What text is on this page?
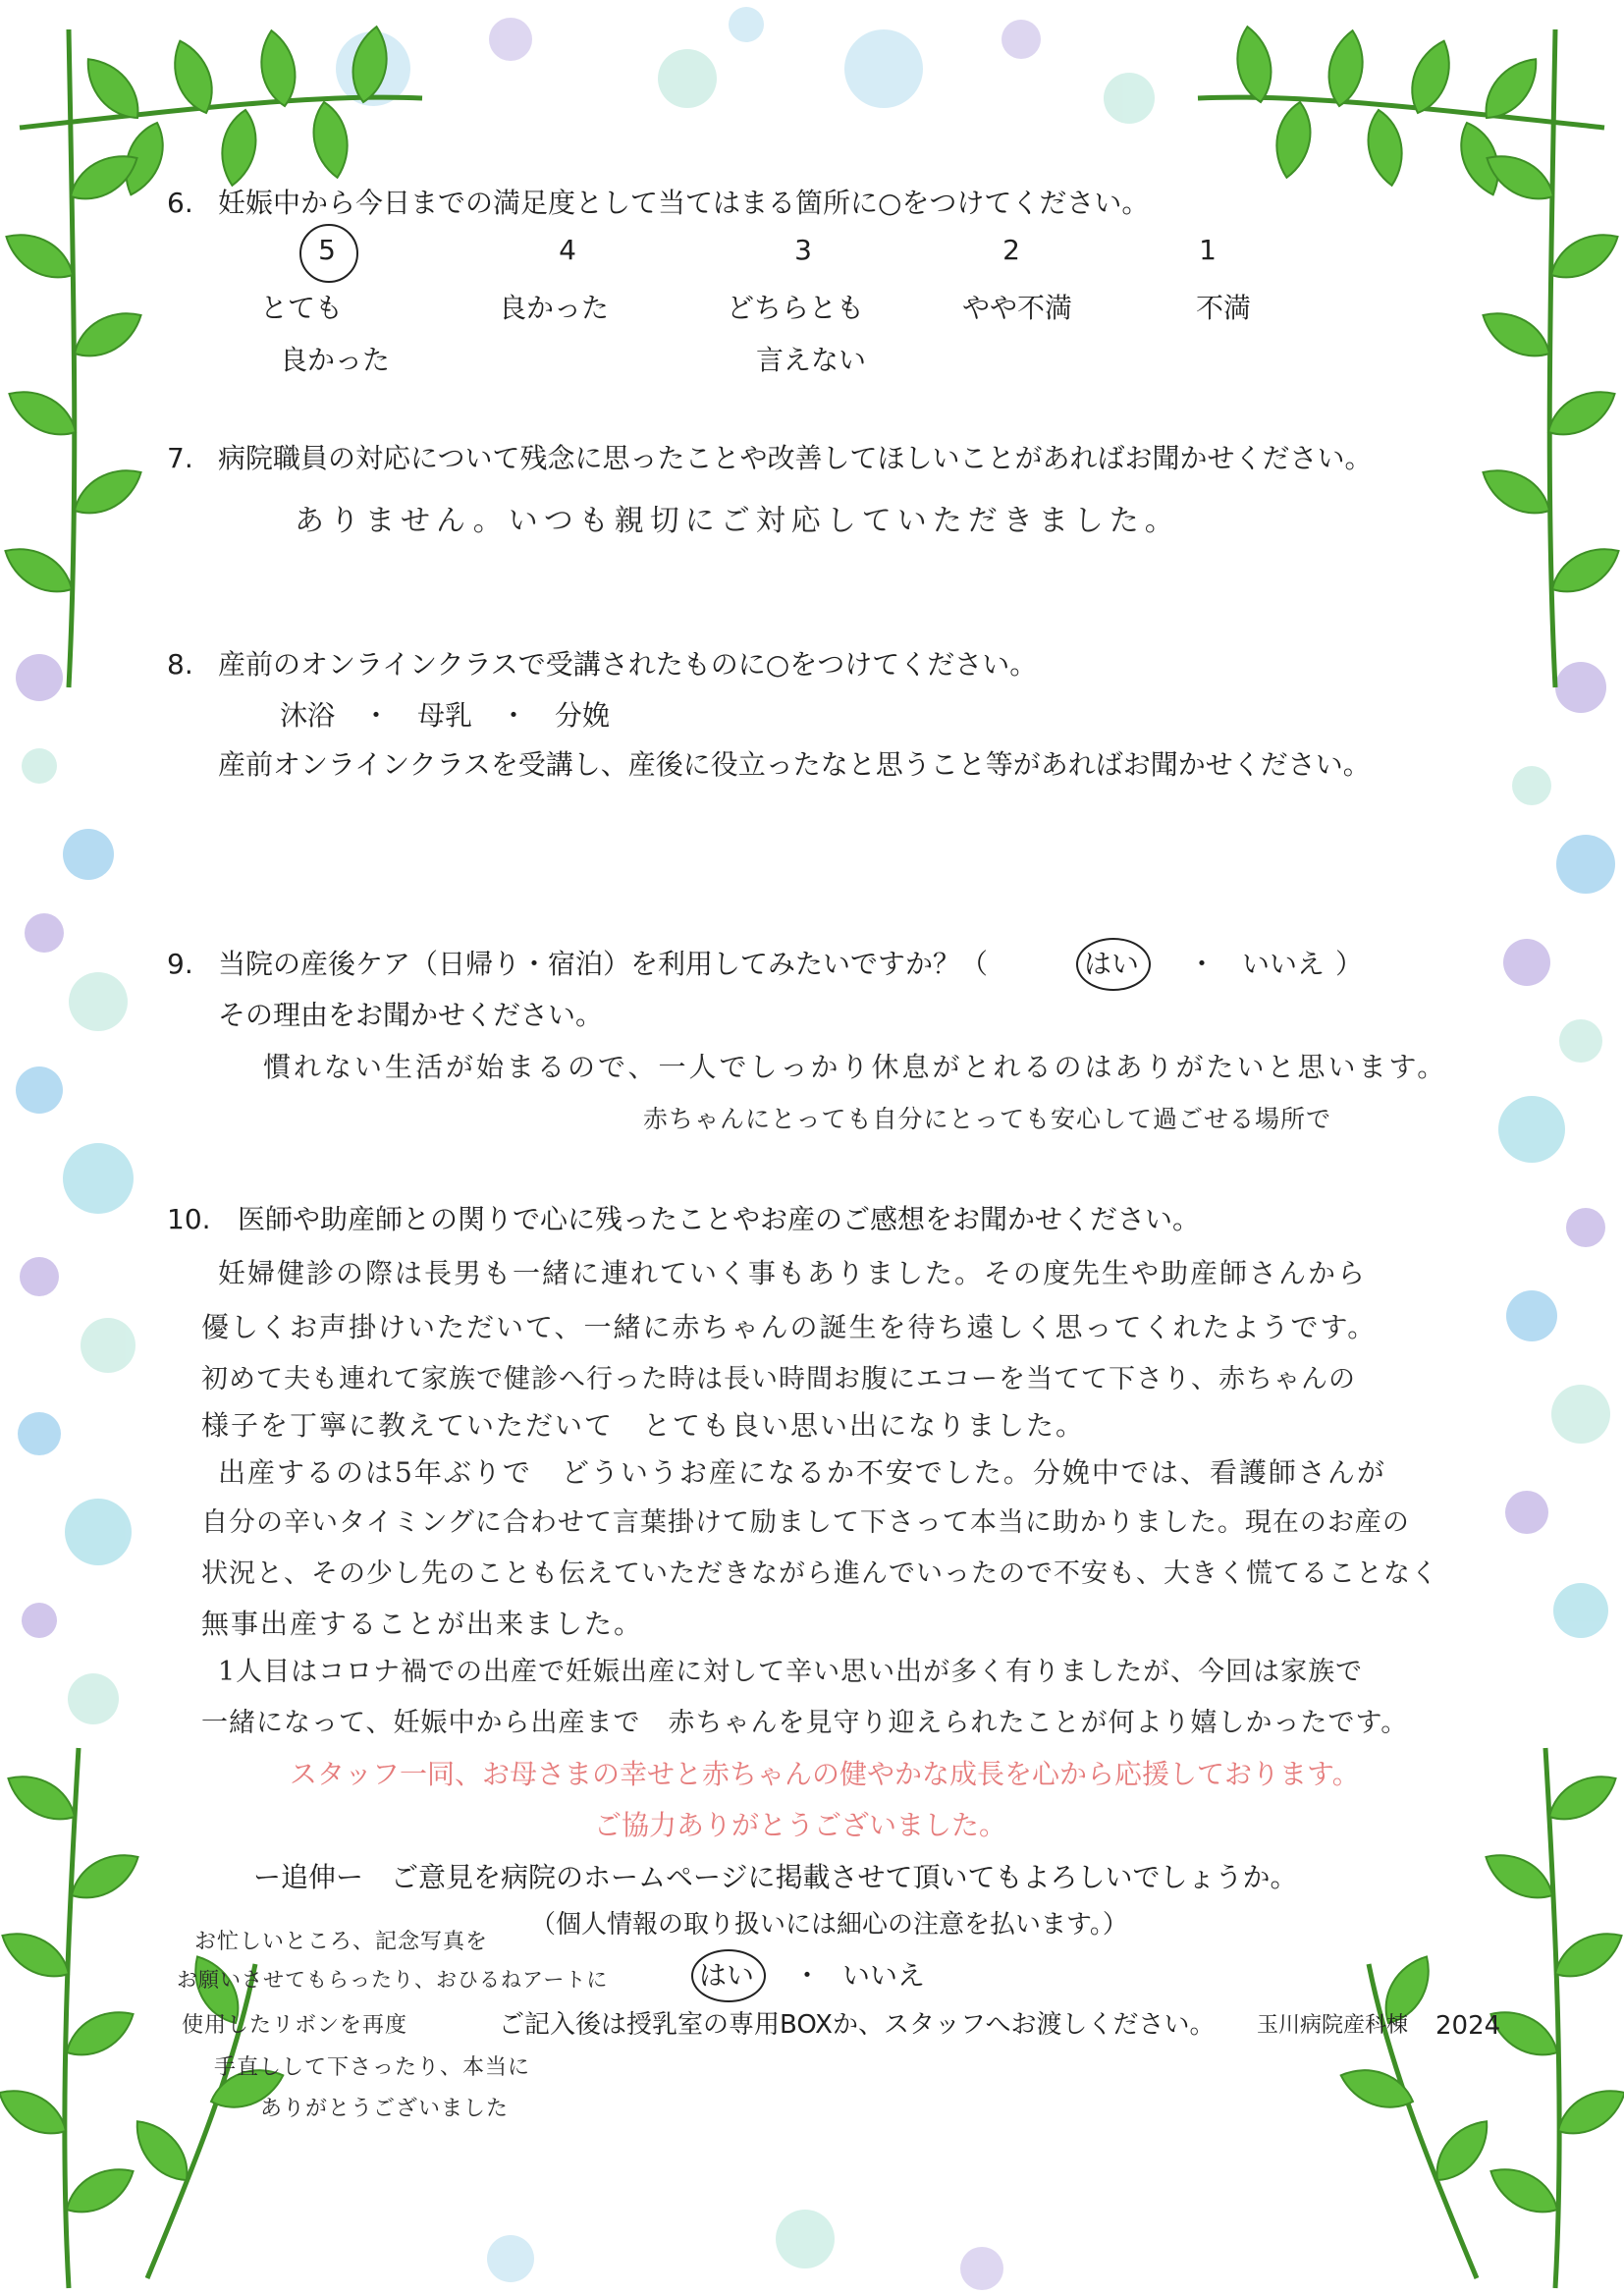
6. 妊娠中から今日までの満足度として当てはまる箇所に○をつけてください。
5
とても
良かった
4
良かった
3
どちらとも
言えない
2
やや不満
1
不満
7. 病院職員の対応について残念に思ったことや改善してほしいことがあればお聞かせください。
ありません。いつも親切にご対応していただきました。
8. 産前のオンラインクラスで受講されたものに○をつけてください。
沐浴　・　母乳　・　分娩
産前オンラインクラスを受講し、産後に役立ったなと思うこと等があればお聞かせください。
9. 当院の産後ケア（日帰り・宿泊）を利用してみたいですか？（	はい ・ いいえ ）
その理由をお聞かせください。
慣れない生活が始まるので、一人でしっかり休息がとれるのはありがたいと思います。
赤ちゃんにとっても自分にとっても安心して過ごせる場所で
10. 医師や助産師との関りで心に残ったことやお産のご感想をお聞かせください。
妊婦健診の際は長男も一緒に連れていく事もありました。その度先生や助産師さんから
優しくお声掛けいただいて、一緒に赤ちゃんの誕生を待ち遠しく思ってくれたようです。
初めて夫も連れて家族で健診へ行った時は長い時間お腹にエコーを当てて下さり、赤ちゃんの
様子を丁寧に教えていただいて　とても良い思い出になりました。
出産するのは5年ぶりで　どういうお産になるか不安でした。分娩中では、看護師さんが
自分の辛いタイミングに合わせて言葉掛けて励まして下さって本当に助かりました。現在のお産の
状況と、その少し先のことも伝えていただきながら進んでいったので不安も、大きく慌てることなく
無事出産することが出来ました。
1人目はコロナ禍での出産で妊娠出産に対して辛い思い出が多く有りましたが、今回は家族で
一緒になって、妊娠中から出産まで　赤ちゃんを見守り迎えられたことが何より嬉しかったです。
スタッフ一同、お母さまの幸せと赤ちゃんの健やかな成長を心から応援しております。
ご協力ありがとうございました。
ー追伸ー　ご意見を病院のホームページに掲載させて頂いてもよろしいでしょうか。
（個人情報の取り扱いには細心の注意を払います。）
はい ・ いいえ
ご記入後は授乳室の専用BOXか、スタッフへお渡しください。 玉川病院産科棟 2024
お忙しいところ、記念写真を
お願いさせてもらったり、おひるねアートに
使用したリボンを再度
手直しして下さったり、本当に
ありがとうございました
